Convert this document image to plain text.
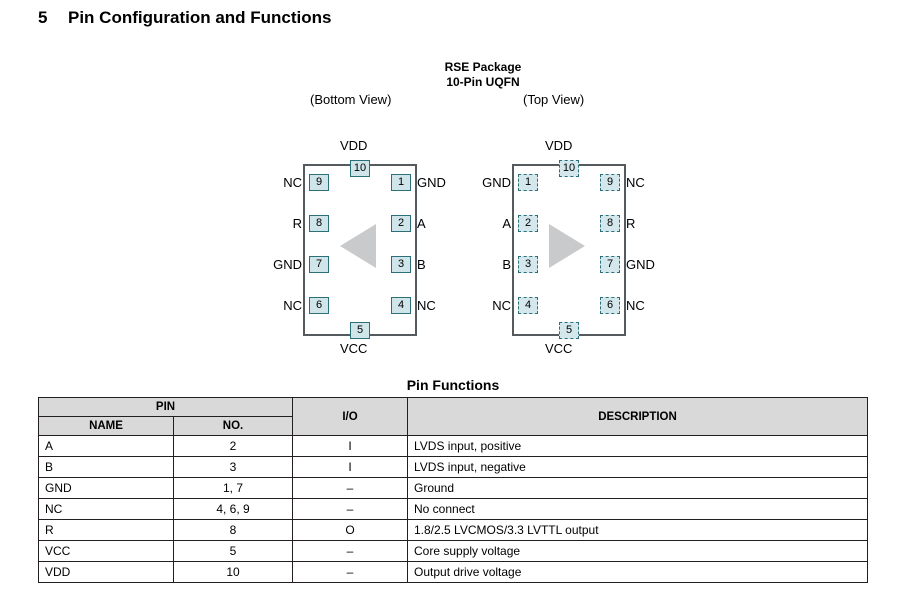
5 Pin Configuration and Functions
RSE Package
10-Pin UQFN
(Bottom View)	(Top View)
VDD
10
5
VCC
9
NC
8
R
7
GND
6
NC
1 GND
2 A
3 B
4 NC
VDD
10
5
VCC
1
GND
2
A
3
B
4
NC
9 NC
8 R
7 GND
6 NC
Pin Functions
PIN		I/O	DESCRIPTION
NAME	NO.		
A	2	I	LVDS input, positive
B	3	I	LVDS input, negative
GND	1, 7	–	Ground
NC	4, 6, 9	–	No connect
R	8	O	1.8/2.5 LVCMOS/3.3 LVTTL output
VCC	5	–	Core supply voltage
VDD	10	–	Output drive voltage
